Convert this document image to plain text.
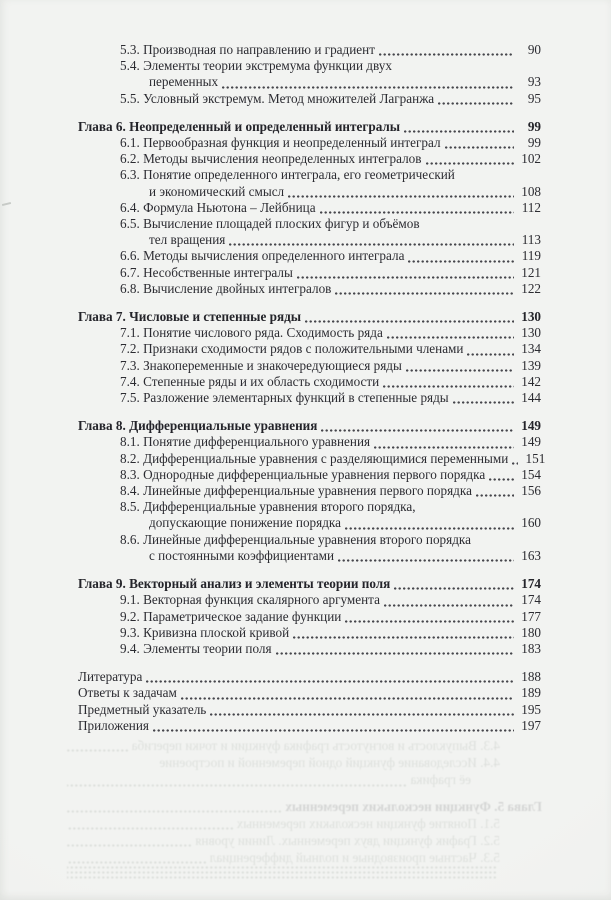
5.3. Производная по направлению и градиент	90
5.4. Элементы теории экстремума функции двух
переменных	93
5.5. Условный экстремум. Метод множителей Лагранжа	95
Глава 6. Неопределенный и определенный интегралы	99
6.1. Первообразная функция и неопределенный интеграл	99
6.2. Методы вычисления неопределенных интегралов	102
6.3. Понятие определенного интеграла, его геометрический
и экономический смысл	108
6.4. Формула Ньютона – Лейбница	112
6.5. Вычисление площадей плоских фигур и объёмов
тел вращения	113
6.6. Методы вычисления определенного интеграла	119
6.7. Несобственные интегралы	121
6.8. Вычисление двойных интегралов	122
Глава 7. Числовые и степенные ряды	130
7.1. Понятие числового ряда. Сходимость ряда	130
7.2. Признаки сходимости рядов с положительными членами	134
7.3. Знакопеременные и знакочередующиеся ряды	139
7.4. Степенные ряды и их область сходимости	142
7.5. Разложение элементарных функций в степенные ряды	144
Глава 8. Дифференциальные уравнения	149
8.1. Понятие дифференциального уравнения	149
8.2. Дифференциальные уравнения с разделяющимися переменными	151
8.3. Однородные дифференциальные уравнения первого порядка	154
8.4. Линейные дифференциальные уравнения первого порядка	156
8.5. Дифференциальные уравнения второго порядка,
допускающие понижение порядка	160
8.6. Линейные дифференциальные уравнения второго порядка
с постоянными коэффициентами	163
Глава 9. Векторный анализ и элементы теории поля	174
9.1. Векторная функция скалярного аргумента	174
9.2. Параметрическое задание функции	177
9.3. Кривизна плоской кривой	180
9.4. Элементы теории поля	183
Литература	188
Ответы к задачам	189
Предметный указатель	195
Приложения	197
4.3. Выпуклость и вогнутость графика функции и точки перегиба
4.4. Исследование функций одной переменной и построение
её графика
Глава 5. Функции нескольких переменных
5.1. Понятие функции нескольких переменных
5.2. График функции двух переменных. Линии уровня
5.3. Частные производные и полный дифференциал
